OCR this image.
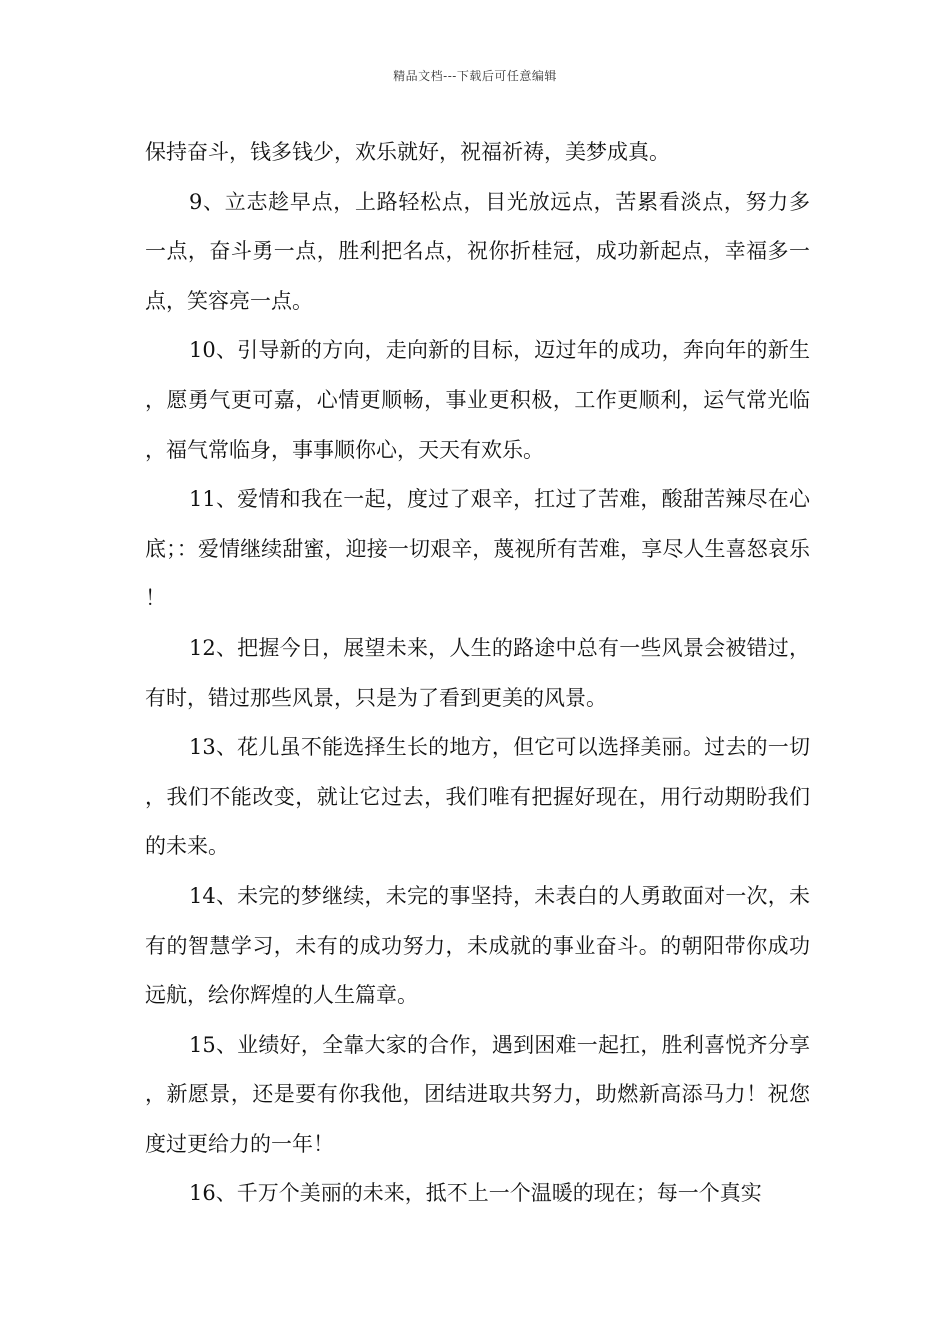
精品文档---下载后可任意编辑

保持奋斗，钱多钱少，欢乐就好，祝福祈祷，美梦成真。

9、立志趁早点，上路轻松点，目光放远点，苦累看淡点，努力多一点，奋斗勇一点，胜利把名点，祝你折桂冠，成功新起点，幸福多一点，笑容亮一点。

10、引导新的方向，走向新的目标，迈过年的成功，奔向年的新生，愿勇气更可嘉，心情更顺畅，事业更积极，工作更顺利，运气常光临，福气常临身，事事顺你心，天天有欢乐。

11、爱情和我在一起，度过了艰辛，扛过了苦难，酸甜苦辣尽在心底；：爱情继续甜蜜，迎接一切艰辛，蔑视所有苦难，享尽人生喜怒哀乐！

12、把握今日，展望未来，人生的路途中总有一些风景会被错过，有时，错过那些风景，只是为了看到更美的风景。

13、花儿虽不能选择生长的地方，但它可以选择美丽。过去的一切，我们不能改变，就让它过去，我们唯有把握好现在，用行动期盼我们的未来。

14、未完的梦继续，未完的事坚持，未表白的人勇敢面对一次，未有的智慧学习，未有的成功努力，未成就的事业奋斗。的朝阳带你成功远航，绘你辉煌的人生篇章。

15、业绩好，全靠大家的合作，遇到困难一起扛，胜利喜悦齐分享，新愿景，还是要有你我他，团结进取共努力，助燃新高添马力！祝您度过更给力的一年！

16、千万个美丽的未来，抵不上一个温暖的现在；每一个真实
